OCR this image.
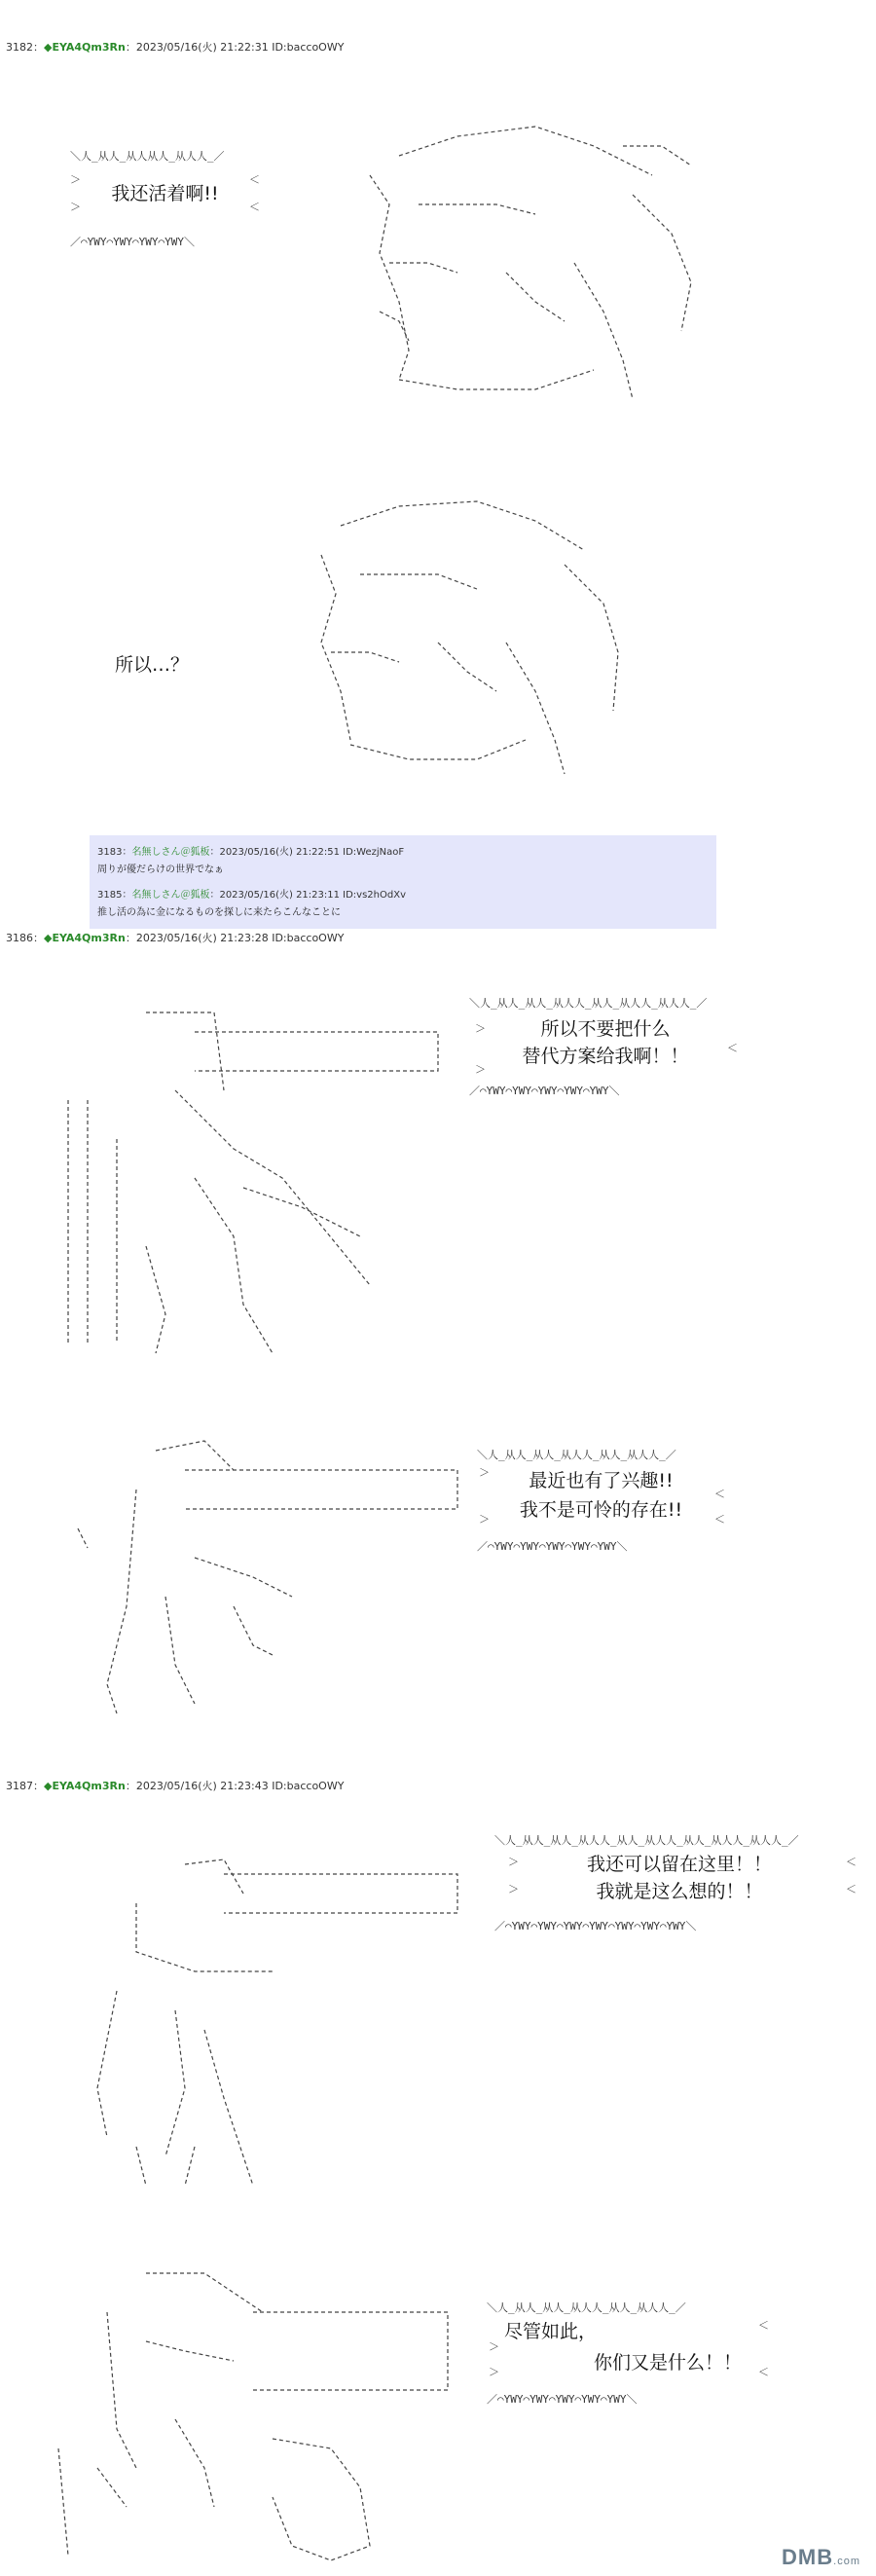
3182：◆EYA4Qm3Rn：2023/05/16(火) 21:22:31 ID:baccoOWY

＼人_从人_从人从人_从人人_／

＞

	＜

＞

	＜

我还活着啊!!

／⌒YWY⌒YWY⌒YWY⌒YWY＼

所以…？
3183：名無しさん＠狐板：2023/05/16(火) 21:22:51 ID:WezjNaoF
周りが優だらけの世界でなぁ
3185：名無しさん＠狐板：2023/05/16(火) 21:23:11 ID:vs2hOdXv
推し活の為に金になるものを探しに来たらこんなことに
3186：◆EYA4Qm3Rn：2023/05/16(火) 21:23:28 ID:baccoOWY

＼人_从人_从人_从人人_从人_从人人_从人人_／

＞

＜

＞

所以不要把什么

替代方案给我啊！！

／⌒YWY⌒YWY⌒YWY⌒YWY⌒YWY＼

＼人_从人_从人_从人人_从人_从人人_／

＞

＜

＞

	＜

最近也有了兴趣!!

我不是可怜的存在!!

／⌒YWY⌒YWY⌒YWY⌒YWY⌒YWY＼

3187：◆EYA4Qm3Rn：2023/05/16(火) 21:23:43 ID:baccoOWY

＼人_从人_从人_从人人_从人_从人人_从人_从人人_从人人_／

＞

	＜

＞

	＜

我还可以留在这里！！

我就是这么想的！！

／⌒YWY⌒YWY⌒YWY⌒YWY⌒YWY⌒YWY⌒YWY＼

＼人_从人_从人_从人人_从人_从人人_／

＜

＞

＞

	＜

尽管如此，

你们又是什么！！

／⌒YWY⌒YWY⌒YWY⌒YWY⌒YWY＼

DMB.com
